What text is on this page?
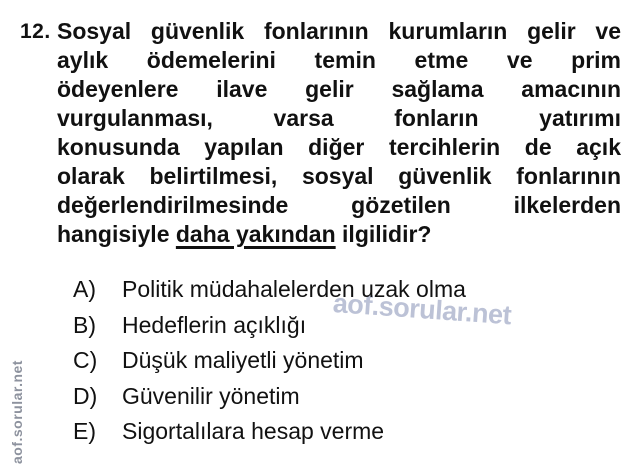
aof.sorular.net
aof.sorular.net
12. Sosyal güvenlik fonlarının kurumların gelir ve
aylık ödemelerini temin etme ve prim
ödeyenlere ilave gelir sağlama amacının
vurgulanması, varsa fonların yatırımı
konusunda yapılan diğer tercihlerin de açık
olarak belirtilmesi, sosyal güvenlik fonlarının
değerlendirilmesinde gözetilen ilkelerden
hangisiyle daha yakından ilgilidir?
A)	Politik müdahalelerden uzak olma
B)	Hedeflerin açıklığı
C)	Düşük maliyetli yönetim
D)	Güvenilir yönetim
E)	Sigortalılara hesap verme
